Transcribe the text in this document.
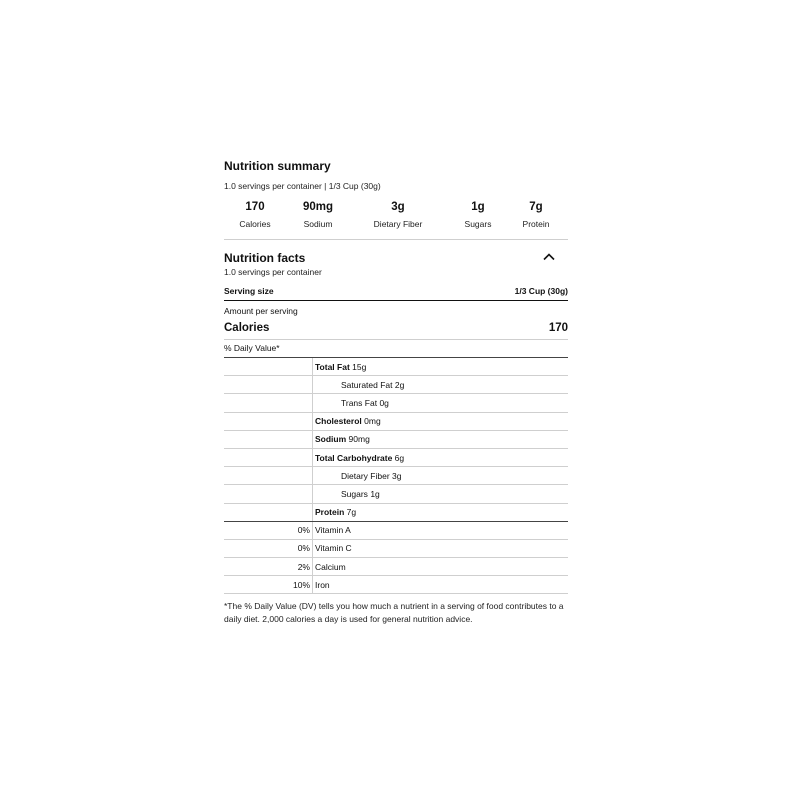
Nutrition summary
1.0 servings per container | 1/3 Cup (30g)
170
Calories
90mg
Sodium
3g
Dietary Fiber
1g
Sugars
7g
Protein
Nutrition facts
1.0 servings per container
Serving size	1/3 Cup (30g)
Amount per serving
Calories	170
% Daily Value*
	Total Fat 15g
	Saturated Fat 2g
	Trans Fat 0g
	Cholesterol 0mg
	Sodium 90mg
	Total Carbohydrate 6g
	Dietary Fiber 3g
	Sugars 1g
	Protein 7g
0%	Vitamin A
0%	Vitamin C
2%	Calcium
10%	Iron
*The % Daily Value (DV) tells you how much a nutrient in a serving of food contributes to a daily diet. 2,000 calories a day is used for general nutrition advice.
